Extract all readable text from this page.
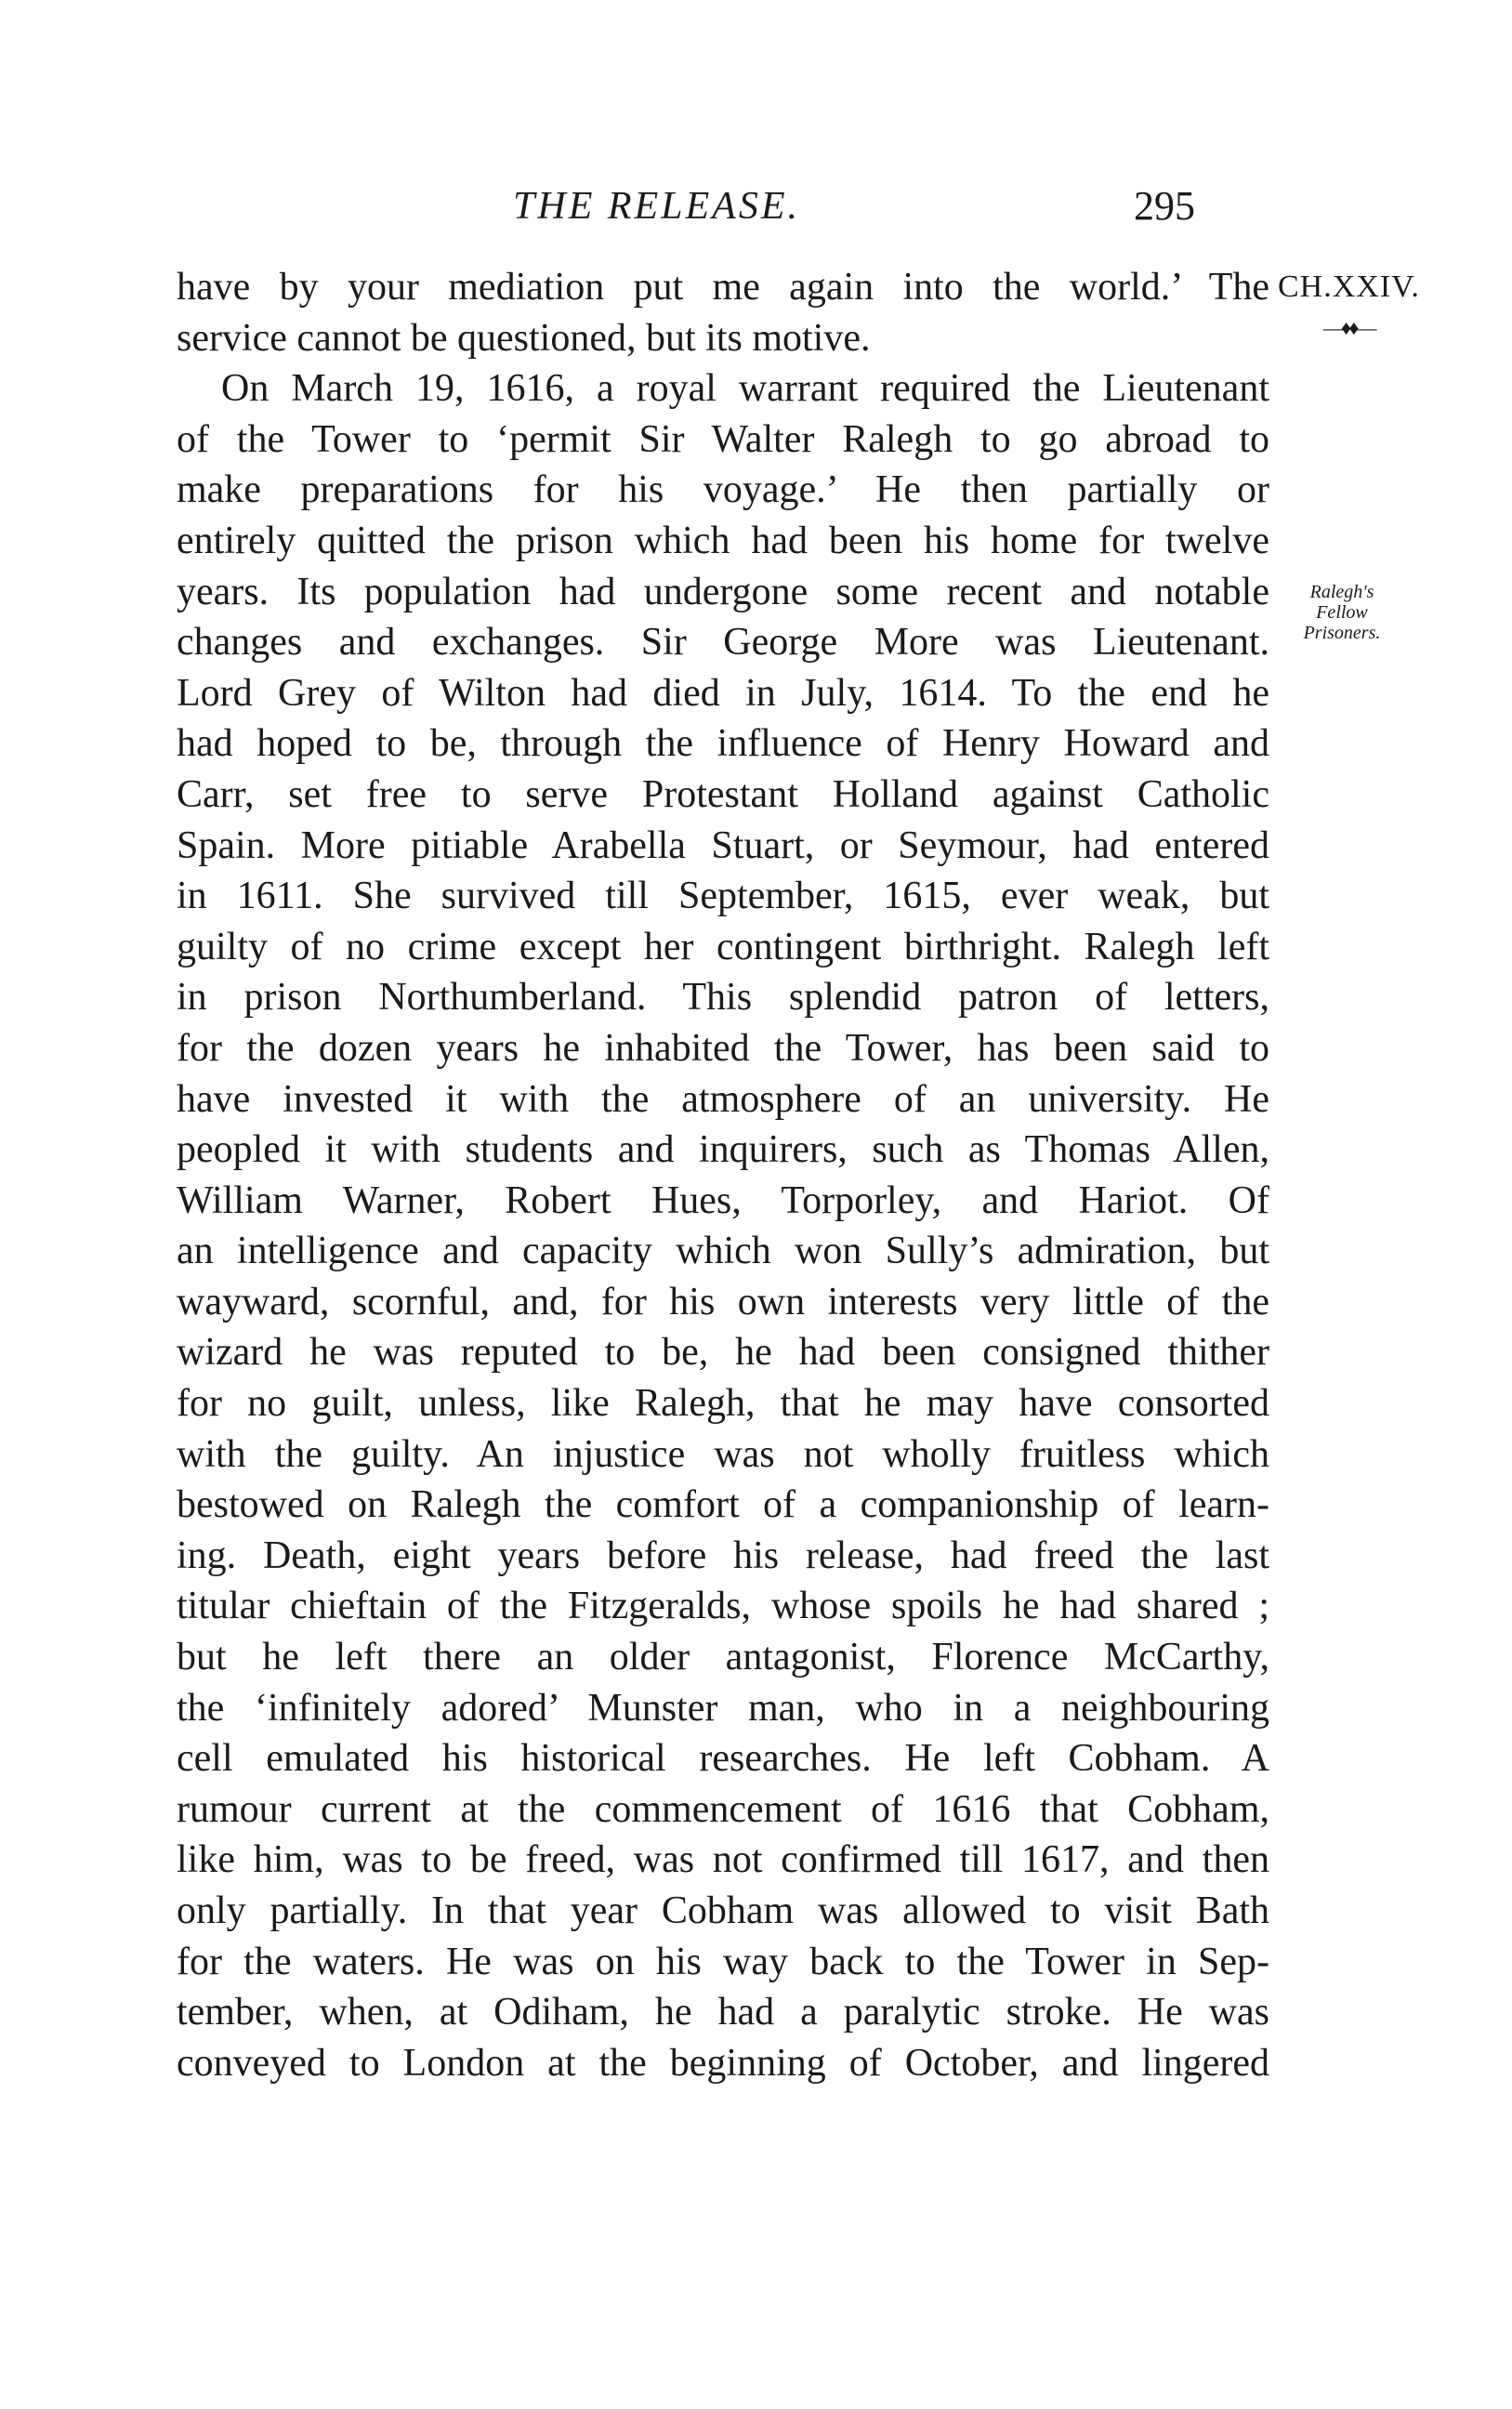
THE RELEASE.	295
CH.XXIV.
—♦♦—
Ralegh's
Fellow
Prisoners.
have by your mediation put me again into the world.’ The
service cannot be questioned, but its motive.
On March 19, 1616, a royal warrant required the Lieutenant
of the Tower to ‘permit Sir Walter Ralegh to go abroad to
make preparations for his voyage.’ He then partially or
entirely quitted the prison which had been his home for twelve
years. Its population had undergone some recent and notable
changes and exchanges. Sir George More was Lieutenant.
Lord Grey of Wilton had died in July, 1614. To the end he
had hoped to be, through the influence of Henry Howard and
Carr, set free to serve Protestant Holland against Catholic
Spain. More pitiable Arabella Stuart, or Seymour, had entered
in 1611. She survived till September, 1615, ever weak, but
guilty of no crime except her contingent birthright. Ralegh left
in prison Northumberland. This splendid patron of letters,
for the dozen years he inhabited the Tower, has been said to
have invested it with the atmosphere of an university. He
peopled it with students and inquirers, such as Thomas Allen,
William Warner, Robert Hues, Torporley, and Hariot. Of
an intelligence and capacity which won Sully’s admiration, but
wayward, scornful, and, for his own interests very little of the
wizard he was reputed to be, he had been consigned thither
for no guilt, unless, like Ralegh, that he may have consorted
with the guilty. An injustice was not wholly fruitless which
bestowed on Ralegh the comfort of a companionship of learn-
ing. Death, eight years before his release, had freed the last
titular chieftain of the Fitzgeralds, whose spoils he had shared ;
but he left there an older antagonist, Florence McCarthy,
the ‘infinitely adored’ Munster man, who in a neighbouring
cell emulated his historical researches. He left Cobham. A
rumour current at the commencement of 1616 that Cobham,
like him, was to be freed, was not confirmed till 1617, and then
only partially. In that year Cobham was allowed to visit Bath
for the waters. He was on his way back to the Tower in Sep-
tember, when, at Odiham, he had a paralytic stroke. He was
conveyed to London at the beginning of October, and lingered
